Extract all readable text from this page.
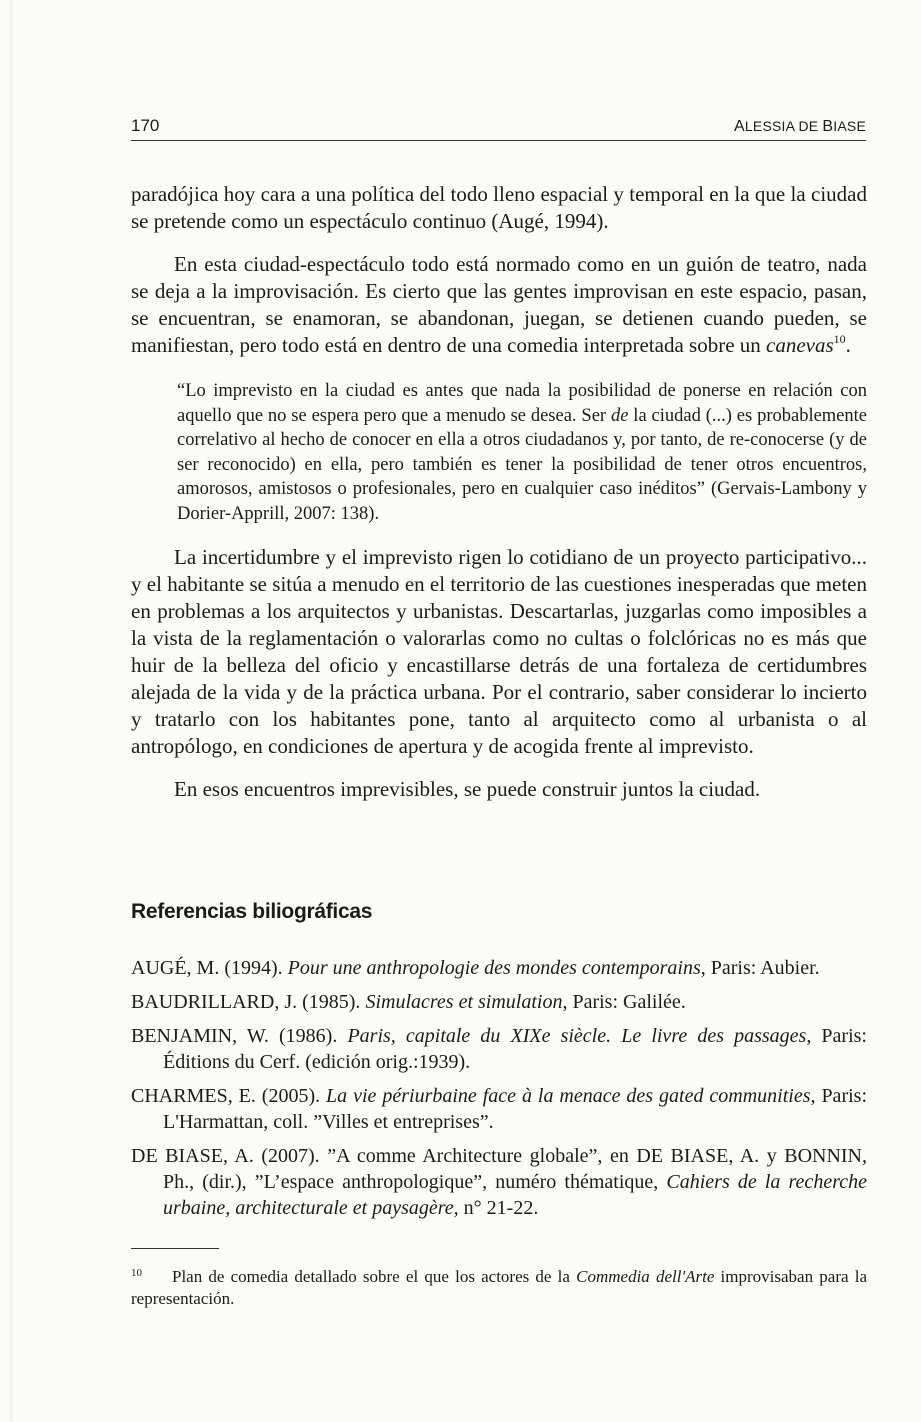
170	ALESSIA DE BIASE

paradójica hoy cara a una política del todo lleno espacial y temporal en la que la ciudad se pretende como un espectáculo continuo (Augé, 1994).

En esta ciudad-espectáculo todo está normado como en un guión de teatro, nada se deja a la improvisación. Es cierto que las gentes improvisan en este espacio, pasan, se encuentran, se enamoran, se abandonan, juegan, se detienen cuando pueden, se manifiestan, pero todo está en dentro de una comedia interpretada sobre un canevas$^{10}$.

“Lo imprevisto en la ciudad es antes que nada la posibilidad de ponerse en relación con aquello que no se espera pero que a menudo se desea. Ser de la ciudad (...) es probablemente correlativo al hecho de conocer en ella a otros ciudadanos y, por tanto, de re-conocerse (y de ser reconocido) en ella, pero también es tener la posibilidad de tener otros encuentros, amorosos, amistosos o profesionales, pero en cualquier caso inéditos” (Gervais-Lambony y Dorier-Apprill, 2007: 138).

La incertidumbre y el imprevisto rigen lo cotidiano de un proyecto participativo... y el habitante se sitúa a menudo en el territorio de las cuestiones inesperadas que meten en problemas a los arquitectos y urbanistas. Descartarlas, juzgarlas como imposibles a la vista de la reglamentación o valorarlas como no cultas o folclóricas no es más que huir de la belleza del oficio y encastillarse detrás de una fortaleza de certidumbres alejada de la vida y de la práctica urbana. Por el contrario, saber considerar lo incierto y tratarlo con los habitantes pone, tanto al arquitecto como al urbanista o al antropólogo, en condiciones de apertura y de acogida frente al imprevisto.

En esos encuentros imprevisibles, se puede construir juntos la ciudad.

Referencias biliográficas

AUGÉ, M. (1994). Pour une anthropologie des mondes contemporains, Paris: Aubier.

BAUDRILLARD, J. (1985). Simulacres et simulation, Paris: Galilée.

BENJAMIN, W. (1986). Paris, capitale du XIXe siècle. Le livre des passages, Paris: Éditions du Cerf. (edición orig.:1939).

CHARMES, E. (2005). La vie périurbaine face à la menace des gated communities, Paris: L'Harmattan, coll. ”Villes et entreprises”.

DE BIASE, A. (2007). ”A comme Architecture globale”, en DE BIASE, A. y BONNIN, Ph., (dir.), ”L’espace anthropologique”, numéro thématique, Cahiers de la recherche urbaine, architecturale et paysagère, n° 21-22.

$^{10}$ Plan de comedia detallado sobre el que los actores de la Commedia dell'Arte improvisaban para la representación.
